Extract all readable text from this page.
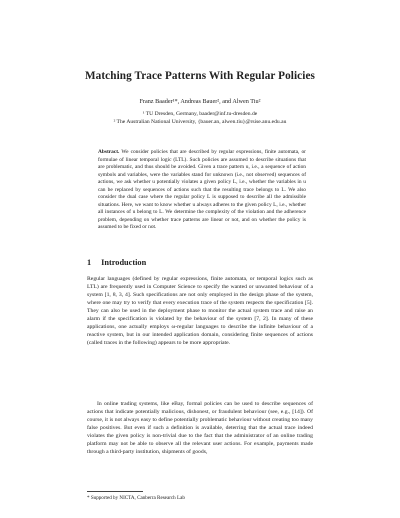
Matching Trace Patterns With Regular Policies
Franz Baader¹*, Andreas Bauer², and Alwen Tiu²
¹ TU Dresden, Germany, baader@inf.tu-dresden.de
² The Australian National University, {bauer.an, alwen.tiu}@rsise.anu.edu.au
Abstract. We consider policies that are described by regular expressions, finite automata, or formulae of linear temporal logic (LTL). Such policies are assumed to describe situations that are problematic, and thus should be avoided. Given a trace pattern u, i.e., a sequence of action symbols and variables, were the variables stand for unknown (i.e., not observed) sequences of actions, we ask whether u potentially violates a given policy L, i.e., whether the variables in u can be replaced by sequences of actions such that the resulting trace belongs to L. We also consider the dual case where the regular policy L is supposed to describe all the admissible situations. Here, we want to know whether u always adheres to the given policy L, i.e., whether all instances of u belong to L. We determine the complexity of the violation and the adherence problem, depending on whether trace patterns are linear or not, and on whether the policy is assumed to be fixed or not.
1 Introduction
Regular languages (defined by regular expressions, finite automata, or temporal logics such as LTL) are frequently used in Computer Science to specify the wanted or unwanted behaviour of a system [1, 8, 3, 4]. Such specifications are not only employed in the design phase of the system, where one may try to verify that every execution trace of the system respects the specification [5]. They can also be used in the deployment phase to monitor the actual system trace and raise an alarm if the specification is violated by the behaviour of the system [7, 2]. In many of these applications, one actually employs ω-regular languages to describe the infinite behaviour of a reactive system, but in our intended application domain, considering finite sequences of actions (called traces in the following) appears to be more appropriate.
In online trading systems, like eBay, formal policies can be used to describe sequences of actions that indicate potentially malicious, dishonest, or fraudulent behaviour (see, e.g., [14]). Of course, it is not always easy to define potentially problematic behaviour without creating too many false positives. But even if such a definition is available, deterring that the actual trace indeed violates the given policy is non-trivial due to the fact that the administrator of an online trading platform may not be able to observe all the relevant user actions. For example, payments made through a third-party institution, shipments of goods,
* Supported by NICTA, Canberra Research Lab
